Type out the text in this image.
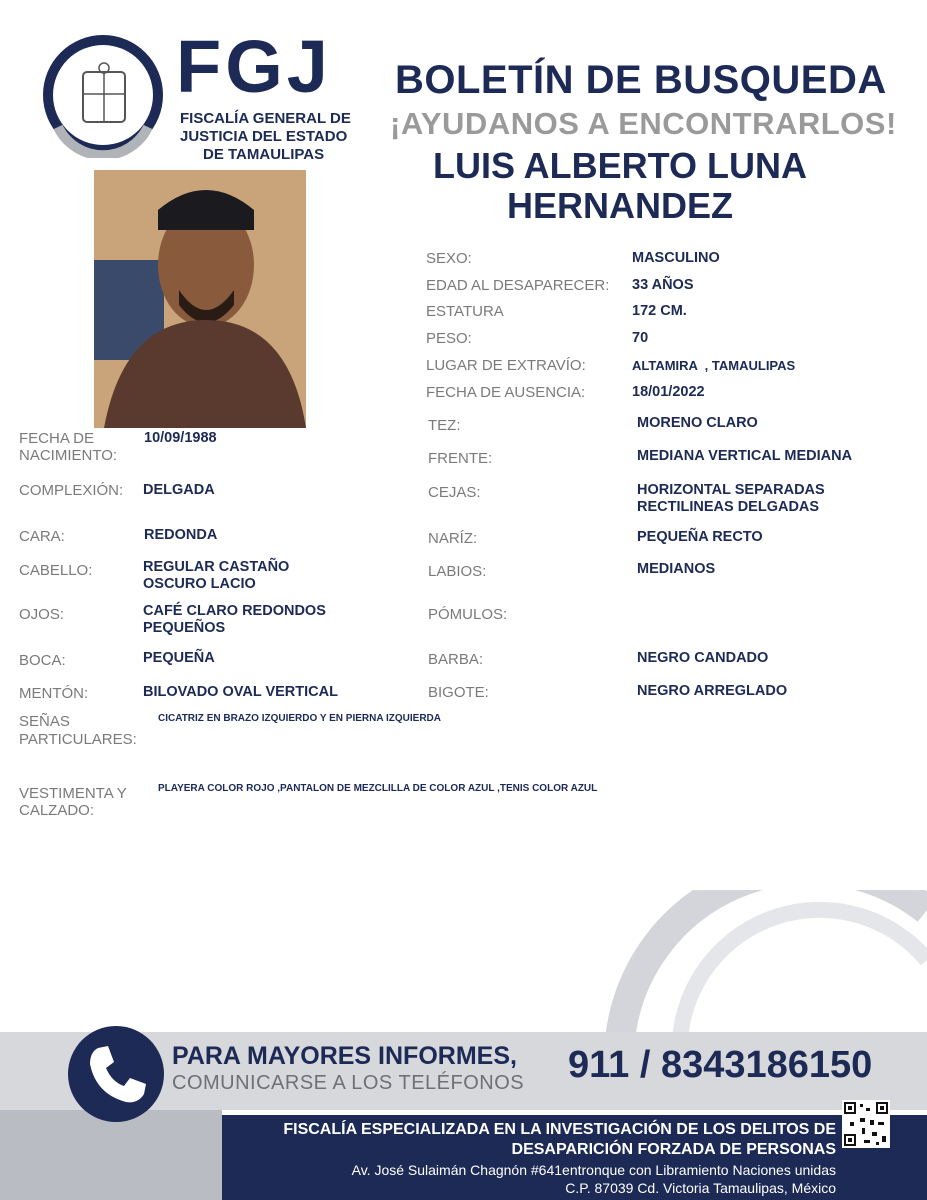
FGJ
FISCALÍA GENERAL DE
JUSTICIA DEL ESTADO
DE TAMAULIPAS
BOLETÍN DE BUSQUEDA
¡AYUDANOS A ENCONTRARLOS!
LUIS ALBERTO LUNA
HERNANDEZ
SEXO:	MASCULINO
EDAD AL DESAPARECER: 33 AÑOS
ESTATURA	172 CM.
PESO:	70
LUGAR DE EXTRAVÍO:	ALTAMIRA  , TAMAULIPAS
FECHA DE AUSENCIA:	18/01/2022
TEZ:	MORENO CLARO
FRENTE:	MEDIANA VERTICAL MEDIANA
CEJAS:	HORIZONTAL SEPARADAS
RECTILINEAS DELGADAS
NARÍZ:	PEQUEÑA RECTO
LABIOS:	MEDIANOS
PÓMULOS:
BARBA:	NEGRO CANDADO
BIGOTE:	NEGRO ARREGLADO
FECHA DE
NACIMIENTO:
10/09/1988
COMPLEXIÓN: DELGADA
CARA:	REDONDA
CABELLO:	REGULAR CASTAÑO
OSCURO LACIO
OJOS:	CAFÉ CLARO REDONDOS
PEQUEÑOS
BOCA:	PEQUEÑA
MENTÓN:	BILOVADO OVAL VERTICAL
SEÑAS
PARTICULARES:
CICATRIZ EN BRAZO IZQUIERDO Y EN PIERNA IZQUIERDA
VESTIMENTA Y
CALZADO:
PLAYERA COLOR ROJO ,PANTALON DE MEZCLILLA DE COLOR AZUL ,TENIS COLOR AZUL
PARA MAYORES INFORMES,
COMUNICARSE A LOS TELÉFONOS 911 / 8343186150
FISCALÍA ESPECIALIZADA EN LA INVESTIGACIÓN DE LOS DELITOS DE
DESAPARICIÓN FORZADA DE PERSONAS
Av. José Sulaimán Chagnón #641entronque con Libramiento Naciones unidas
C.P. 87039 Cd. Victoria Tamaulipas, México
